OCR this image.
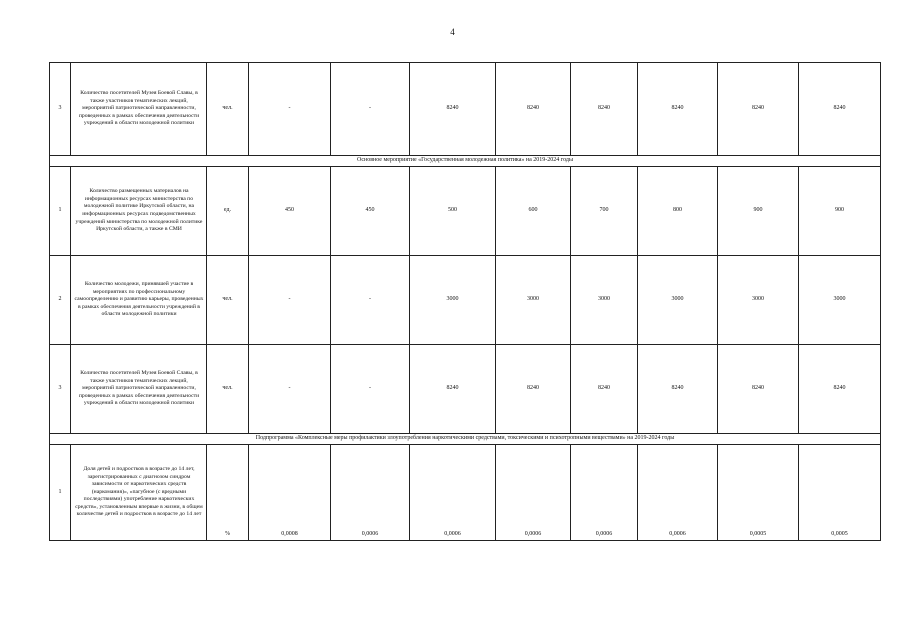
4
3	Количество посетителей Музея Боевой Славы, в также участников тематических лекций, мероприятий патриотической направленности, проведенных в рамках обеспечения деятельности учреждений в области молодежной политики	чел.	-	-	8240	8240	8240	8240	8240	8240
Основное мероприятие «Государственная молодежная политика» на 2019-2024 годы										
1	Количество размещенных материалов на информационных ресурсах министерства по молодежной политике Иркутской области, на информационных ресурсах подведомственных учреждений министерства по молодежной политике Иркутской области, а также в СМИ	ед.	450	450	500	600	700	800	900	900
2	Количество молодежи, принявшей участие в мероприятиях по профессиональному самоопределению и развитию карьеры, проведенных в рамках обеспечения деятельности учреждений в области молодежной политики	чел.	-	-	3000	3000	3000	3000	3000	3000
3	Количество посетителей Музея Боевой Славы, в также участников тематических лекций, мероприятий патриотической направленности, проведенных в рамках обеспечения деятельности учреждений в области молодежной политики	чел.	-	-	8240	8240	8240	8240	8240	8240
Подпрограмма «Комплексные меры профилактики злоупотребления наркотическими средствами, токсическими и психотропными веществами» на 2019-2024 годы										
1	Доля детей и подростков в возрасте до 14 лет, зарегистрированных с диагнозом синдром зависимости от наркотических средств (наркомания)», «пагубное (с вредными последствиями) употребление наркотических средств», установленным впервые в жизни, в общем количестве детей и подростков в возрасте до 14 лет	%	0,0008	0,0006	0,0006	0,0006	0,0006	0,0006	0,0005	0,0005
